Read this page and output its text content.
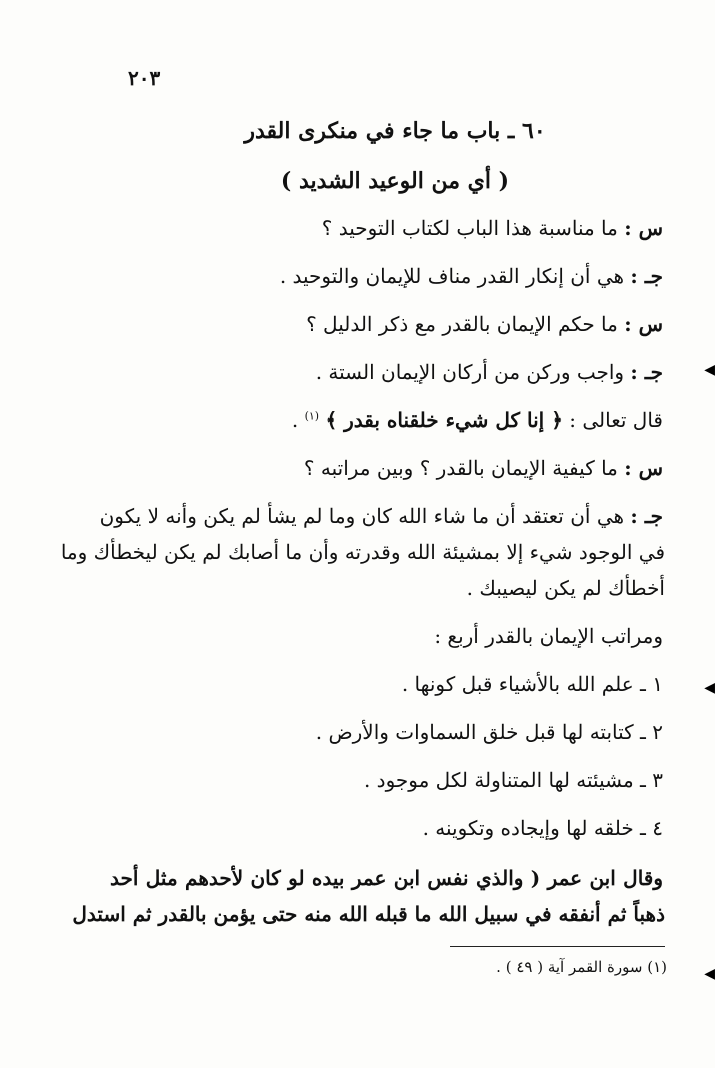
٢٠٣
٦٠ ـ باب ما جاء في منكرى القدر
( أي من الوعيد الشديد )
س : ما مناسبة هذا الباب لكتاب التوحيد ؟
جـ : هي أن إنكار القدر مناف للإيمان والتوحيد .
س : ما حكم الإيمان بالقدر مع ذكر الدليل ؟
جـ : واجب وركن من أركان الإيمان الستة .
قال تعالى : ﴿ إنا كل شيء خلقناه بقدر ﴾ $^{(١)}$ .
س : ما كيفية الإيمان بالقدر ؟ وبين مراتبه ؟
جـ : هي أن تعتقد أن ما شاء الله كان وما لم يشأ لم يكن وأنه لا يكون
في الوجود شيء إلا بمشيئة الله وقدرته وأن ما أصابك لم يكن ليخطأك وما
أخطأك لم يكن ليصيبك .
ومراتب الإيمان بالقدر أربع :
١ ـ علم الله بالأشياء قبل كونها .
٢ ـ كتابته لها قبل خلق السماوات والأرض .
٣ ـ مشيئته لها المتناولة لكل موجود .
٤ ـ خلقه لها وإيجاده وتكوينه .
وقال ابن عمر ( والذي نفس ابن عمر بيده لو كان لأحدهم مثل أحد
ذهباً ثم أنفقه في سبيل الله ما قبله الله منه حتى يؤمن بالقدر ثم استدل
(١) سورة القمر آية ( ٤٩ ) .
◀
◀
◀
